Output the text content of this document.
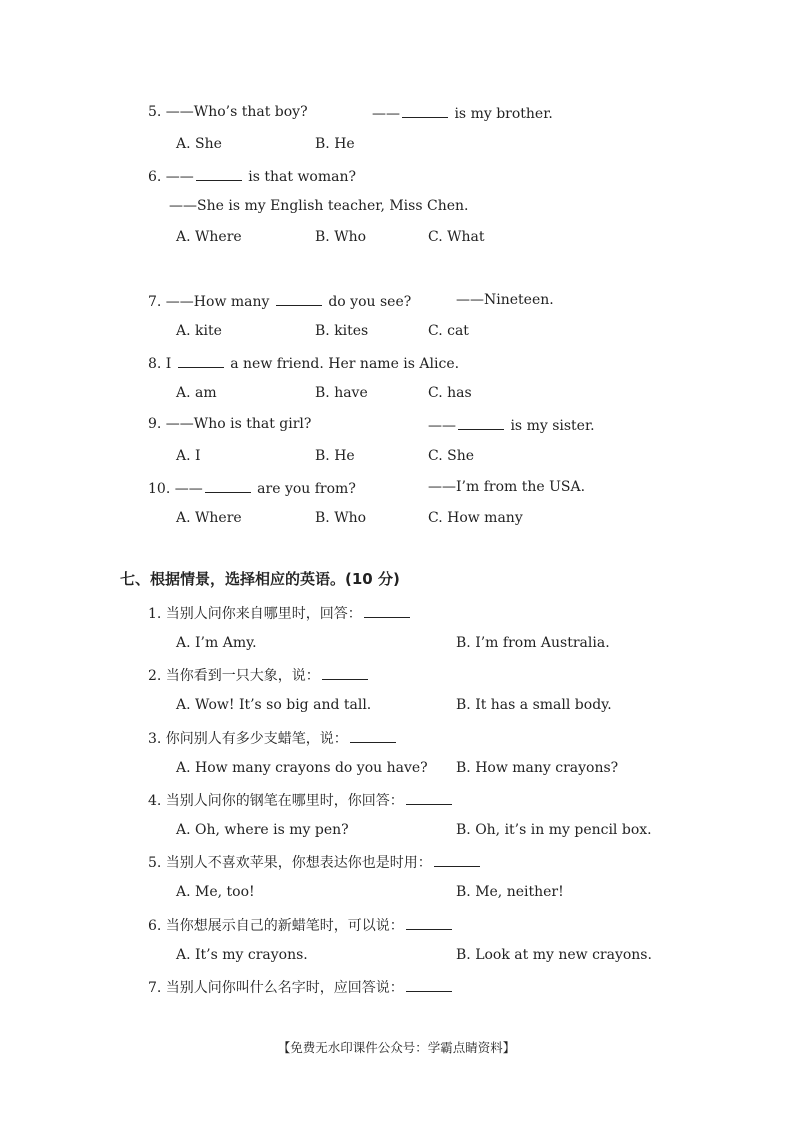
5. ——Who’s that boy?	——	is my brother.
A. She	B. He
6. ——	is that woman?
——She is my English teacher, Miss Chen.
A. Where	B. Who	C. What
7. ——How many	do you see?	——Nineteen.
A. kite	B. kites	C. cat
8. I	a new friend. Her name is Alice.
A. am	B. have	C. has
9. ——Who is that girl?	——	is my sister.
A. I	B. He	C. She
10. ——	are you from?	——I’m from the USA.
A. Where	B. Who	C. How many
七、根据情景，选择相应的英语。(10 分)
1. 当别人问你来自哪里时，回答：
A. I’m Amy.	B. I’m from Australia.
2. 当你看到一只大象，说：
A. Wow! It’s so big and tall.	B. It has a small body.
3. 你问别人有多少支蜡笔，说：
A. How many crayons do you have? B. How many crayons?
4. 当别人问你的钢笔在哪里时，你回答：
A. Oh, where is my pen?	B. Oh, it’s in my pencil box.
5. 当别人不喜欢苹果，你想表达你也是时用：
A. Me, too!	B. Me, neither!
6. 当你想展示自己的新蜡笔时，可以说：
A. It’s my crayons.	B. Look at my new crayons.
7. 当别人问你叫什么名字时，应回答说：
【免费无水印课件公众号：学霸点睛资料】
